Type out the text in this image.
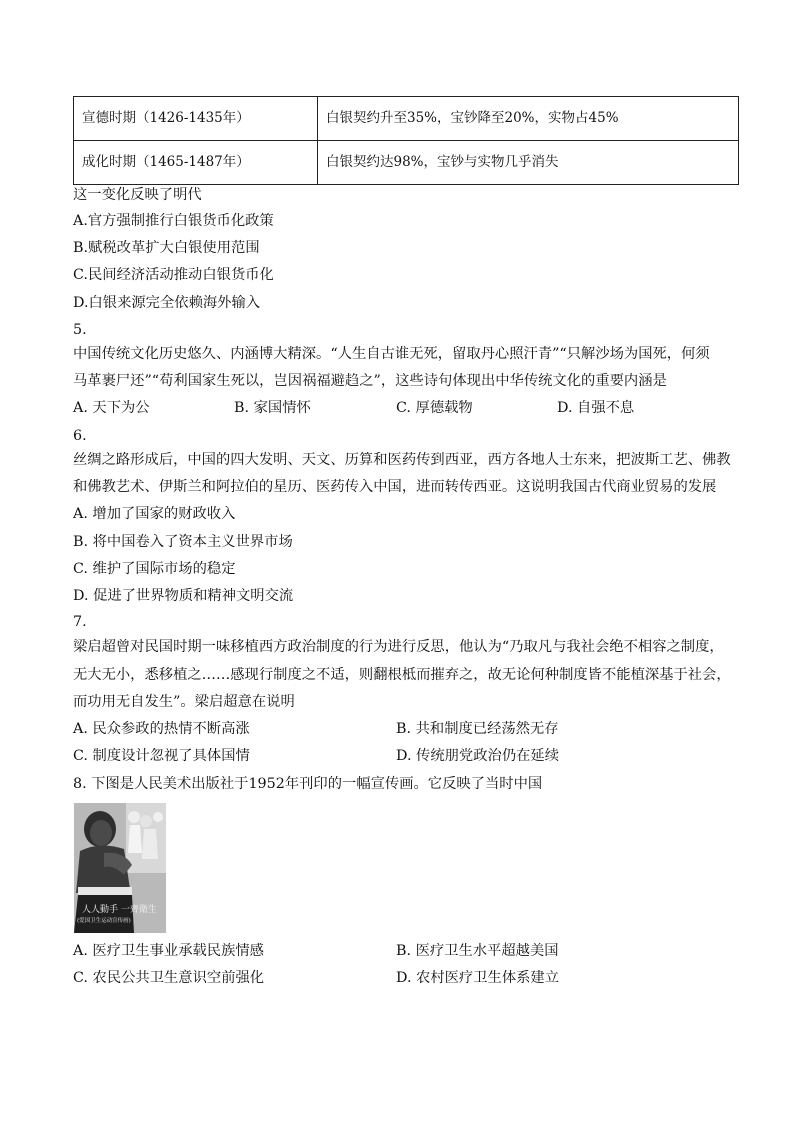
宣德时期（1426-1435年）	白银契约升至35%，宝钞降至20%，实物占45%
成化时期（1465-1487年）	白银契约达98%，宝钞与实物几乎消失
这一变化反映了明代
A.官方强制推行白银货币化政策
B.赋税改革扩大白银使用范围
C.民间经济活动推动白银货币化
D.白银来源完全依赖海外输入
5.
中国传统文化历史悠久、内涵博大精深。“人生自古谁无死，留取丹心照汗青”“只解沙场为国死，何须
马革裹尸还”“苟利国家生死以，岂因祸福避趋之”，这些诗句体现出中华传统文化的重要内涵是
A. 天下为公	B. 家国情怀	C. 厚德载物	D. 自强不息
6.
丝绸之路形成后，中国的四大发明、天文、历算和医药传到西亚，西方各地人士东来，把波斯工艺、佛教
和佛教艺术、伊斯兰和阿拉伯的星历、医药传入中国，进而转传西亚。这说明我国古代商业贸易的发展
A. 增加了国家的财政收入
B. 将中国卷入了资本主义世界市场
C. 维护了国际市场的稳定
D. 促进了世界物质和精神文明交流
7.
梁启超曾对民国时期一味移植西方政治制度的行为进行反思，他认为“乃取凡与我社会绝不相容之制度，
无大无小，悉移植之……感现行制度之不适，则翻根柢而摧弃之，故无论何种制度皆不能植深基于社会，
而功用无自发生”。梁启超意在说明
A. 民众参政的热情不断高涨	B. 共和制度已经荡然无存
C. 制度设计忽视了具体国情	D. 传统朋党政治仍在延续
8. 下图是人民美术出版社于1952年刊印的一幅宣传画。它反映了当时中国
人人動手 一齊衛生
(爱国卫生运动宣传画)
A. 医疗卫生事业承载民族情感	B. 医疗卫生水平超越美国
C. 农民公共卫生意识空前强化	D. 农村医疗卫生体系建立
